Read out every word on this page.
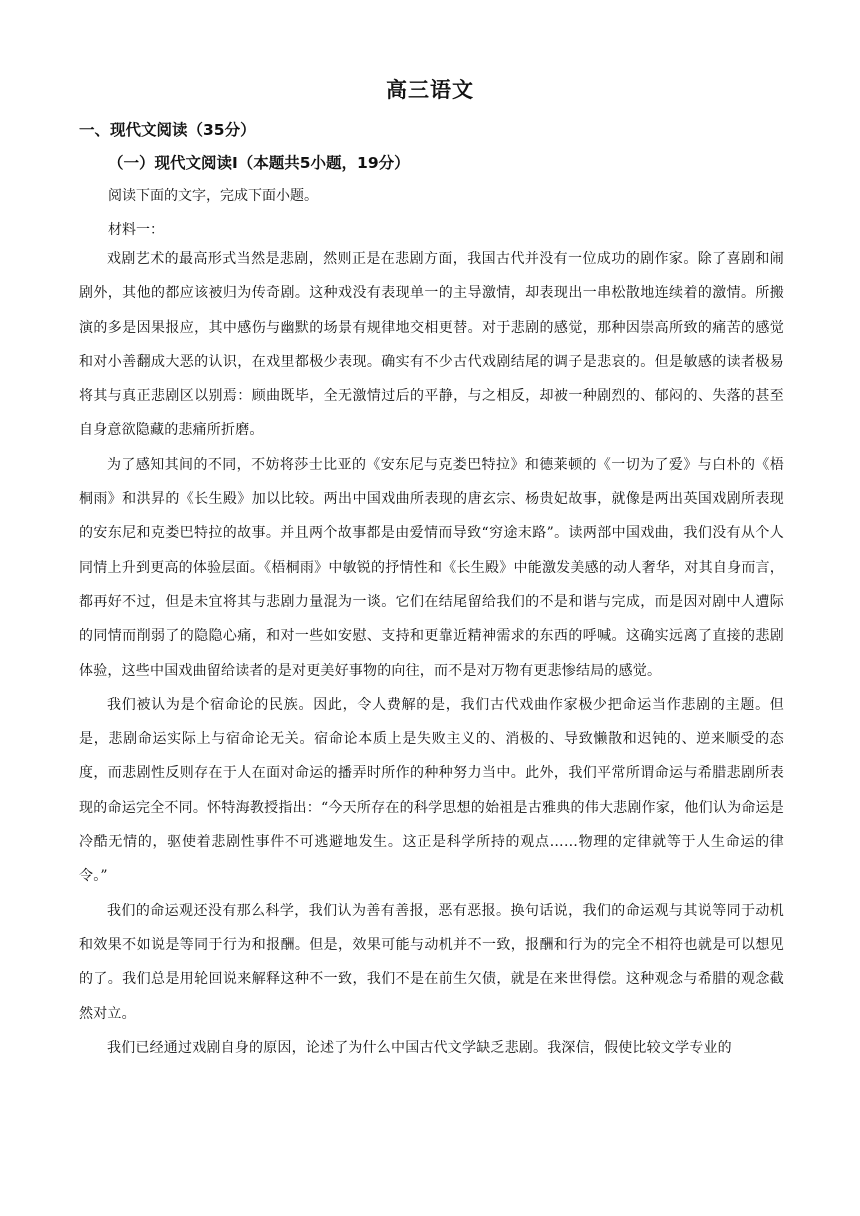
高三语文
一、现代文阅读（35分）
（一）现代文阅读Ⅰ（本题共5小题，19分）
阅读下面的文字，完成下面小题。
材料一：

戏剧艺术的最高形式当然是悲剧，然则正是在悲剧方面，我国古代并没有一位成功的剧作家。除了喜剧和闹剧外，其他的都应该被归为传奇剧。这种戏没有表现单一的主导激情，却表现出一串松散地连续着的激情。所搬演的多是因果报应，其中感伤与幽默的场景有规律地交相更替。对于悲剧的感觉，那种因崇高所致的痛苦的感觉和对小善翻成大恶的认识，在戏里都极少表现。确实有不少古代戏剧结尾的调子是悲哀的。但是敏感的读者极易将其与真正悲剧区以别焉：顾曲既毕，全无激情过后的平静，与之相反，却被一种剧烈的、郁闷的、失落的甚至自身意欲隐藏的悲痛所折磨。

为了感知其间的不同，不妨将莎士比亚的《安东尼与克娄巴特拉》和德莱顿的《一切为了爱》与白朴的《梧桐雨》和洪昇的《长生殿》加以比较。两出中国戏曲所表现的唐玄宗、杨贵妃故事，就像是两出英国戏剧所表现的安东尼和克娄巴特拉的故事。并且两个故事都是由爱情而导致“穷途末路”。读两部中国戏曲，我们没有从个人同情上升到更高的体验层面。《梧桐雨》中敏锐的抒情性和《长生殿》中能激发美感的动人奢华，对其自身而言，都再好不过，但是未宜将其与悲剧力量混为一谈。它们在结尾留给我们的不是和谐与完成，而是因对剧中人遭际的同情而削弱了的隐隐心痛，和对一些如安慰、支持和更靠近精神需求的东西的呼喊。这确实远离了直接的悲剧体验，这些中国戏曲留给读者的是对更美好事物的向往，而不是对万物有更悲惨结局的感觉。

我们被认为是个宿命论的民族。因此，令人费解的是，我们古代戏曲作家极少把命运当作悲剧的主题。但是，悲剧命运实际上与宿命论无关。宿命论本质上是失败主义的、消极的、导致懒散和迟钝的、逆来顺受的态度，而悲剧性反则存在于人在面对命运的播弄时所作的种种努力当中。此外，我们平常所谓命运与希腊悲剧所表现的命运完全不同。怀特海教授指出：“今天所存在的科学思想的始祖是古雅典的伟大悲剧作家，他们认为命运是冷酷无情的，驱使着悲剧性事件不可逃避地发生。这正是科学所持的观点……物理的定律就等于人生命运的律令。”

我们的命运观还没有那么科学，我们认为善有善报，恶有恶报。换句话说，我们的命运观与其说等同于动机和效果不如说是等同于行为和报酬。但是，效果可能与动机并不一致，报酬和行为的完全不相符也就是可以想见的了。我们总是用轮回说来解释这种不一致，我们不是在前生欠债，就是在来世得偿。这种观念与希腊的观念截然对立。

我们已经通过戏剧自身的原因，论述了为什么中国古代文学缺乏悲剧。我深信，假使比较文学专业的
